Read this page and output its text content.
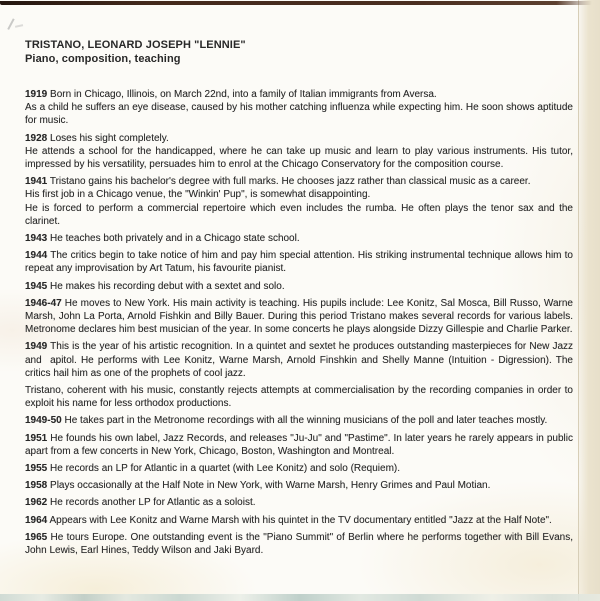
TRISTANO, LEONARD JOSEPH "LENNIE"
Piano, composition, teaching
1919 Born in Chicago, Illinois, on March 22nd, into a family of Italian immigrants from Aversa.
As a child he suffers an eye disease, caused by his mother catching influenza while expecting him. He soon shows aptitude for music.
1928 Loses his sight completely.
He attends a school for the handicapped, where he can take up music and learn to play various instruments. His tutor, impressed by his versatility, persuades him to enrol at the Chicago Conservatory for the composition course.
1941 Tristano gains his bachelor's degree with full marks. He chooses jazz rather than classical music as a career.
His first job in a Chicago venue, the "Winkin' Pup", is somewhat disappointing.
He is forced to perform a commercial repertoire which even includes the rumba. He often plays the tenor sax and the clarinet.
1943 He teaches both privately and in a Chicago state school.
1944 The critics begin to take notice of him and pay him special attention. His striking instrumental technique allows him to repeat any improvisation by Art Tatum, his favourite pianist.
1945 He makes his recording debut with a sextet and solo.
1946-47 He moves to New York. His main activity is teaching. His pupils include: Lee Konitz, Sal Mosca, Bill Russo, Warne Marsh, John La Porta, Arnold Fishkin and Billy Bauer. During this period Tristano makes several records for various labels. Metronome declares him best musician of the year. In some concerts he plays alongside Dizzy Gillespie and Charlie Parker.
1949 This is the year of his artistic recognition. In a quintet and sextet he produces outstanding masterpieces for New Jazz and  apitol. He performs with Lee Konitz, Warne Marsh, Arnold Finshkin and Shelly Manne (Intuition - Digression). The critics hail him as one of the prophets of cool jazz.
Tristano, coherent with his music, constantly rejects attempts at commercialisation by the recording companies in order to exploit his name for less orthodox productions.
1949-50 He takes part in the Metronome recordings with all the winning musicians of the poll and later teaches mostly.
1951 He founds his own label, Jazz Records, and releases "Ju-Ju" and "Pastime". In later years he rarely appears in public apart from a few concerts in New York, Chicago, Boston, Washington and Montreal.
1955 He records an LP for Atlantic in a quartet (with Lee Konitz) and solo (Requiem).
1958 Plays occasionally at the Half Note in New York, with Warne Marsh, Henry Grimes and Paul Motian.
1962 He records another LP for Atlantic as a soloist.
1964 Appears with Lee Konitz and Warne Marsh with his quintet in the TV documentary entitled "Jazz at the Half Note".
1965 He tours Europe. One outstanding event is the "Piano Summit" of Berlin where he performs together with Bill Evans, John Lewis, Earl Hines, Teddy Wilson and Jaki Byard.
